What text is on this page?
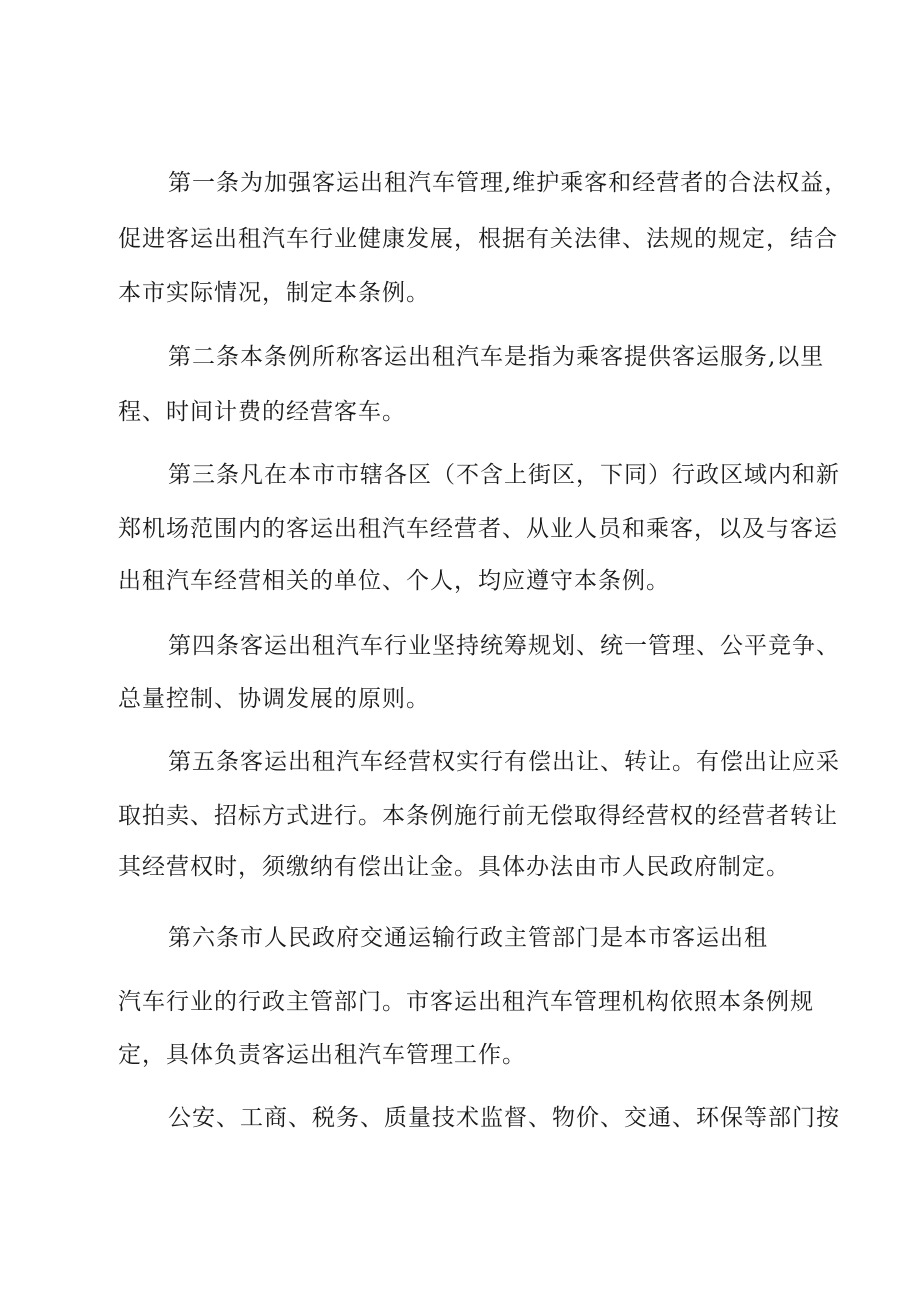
第一条为加强客运出租汽车管理,维护乘客和经营者的合法权益，
促进客运出租汽车行业健康发展，根据有关法律、法规的规定，结合
本市实际情况，制定本条例。
第二条本条例所称客运出租汽车是指为乘客提供客运服务,以里
程、时间计费的经营客车。
第三条凡在本市市辖各区（不含上街区，下同）行政区域内和新
郑机场范围内的客运出租汽车经营者、从业人员和乘客，以及与客运
出租汽车经营相关的单位、个人，均应遵守本条例。
第四条客运出租汽车行业坚持统筹规划、统一管理、公平竞争、
总量控制、协调发展的原则。
第五条客运出租汽车经营权实行有偿出让、转让。有偿出让应采
取拍卖、招标方式进行。本条例施行前无偿取得经营权的经营者转让
其经营权时，须缴纳有偿出让金。具体办法由市人民政府制定。
第六条市人民政府交通运输行政主管部门是本市客运出租
汽车行业的行政主管部门。市客运出租汽车管理机构依照本条例规
定，具体负责客运出租汽车管理工作。
公安、工商、税务、质量技术监督、物价、交通、环保等部门按
